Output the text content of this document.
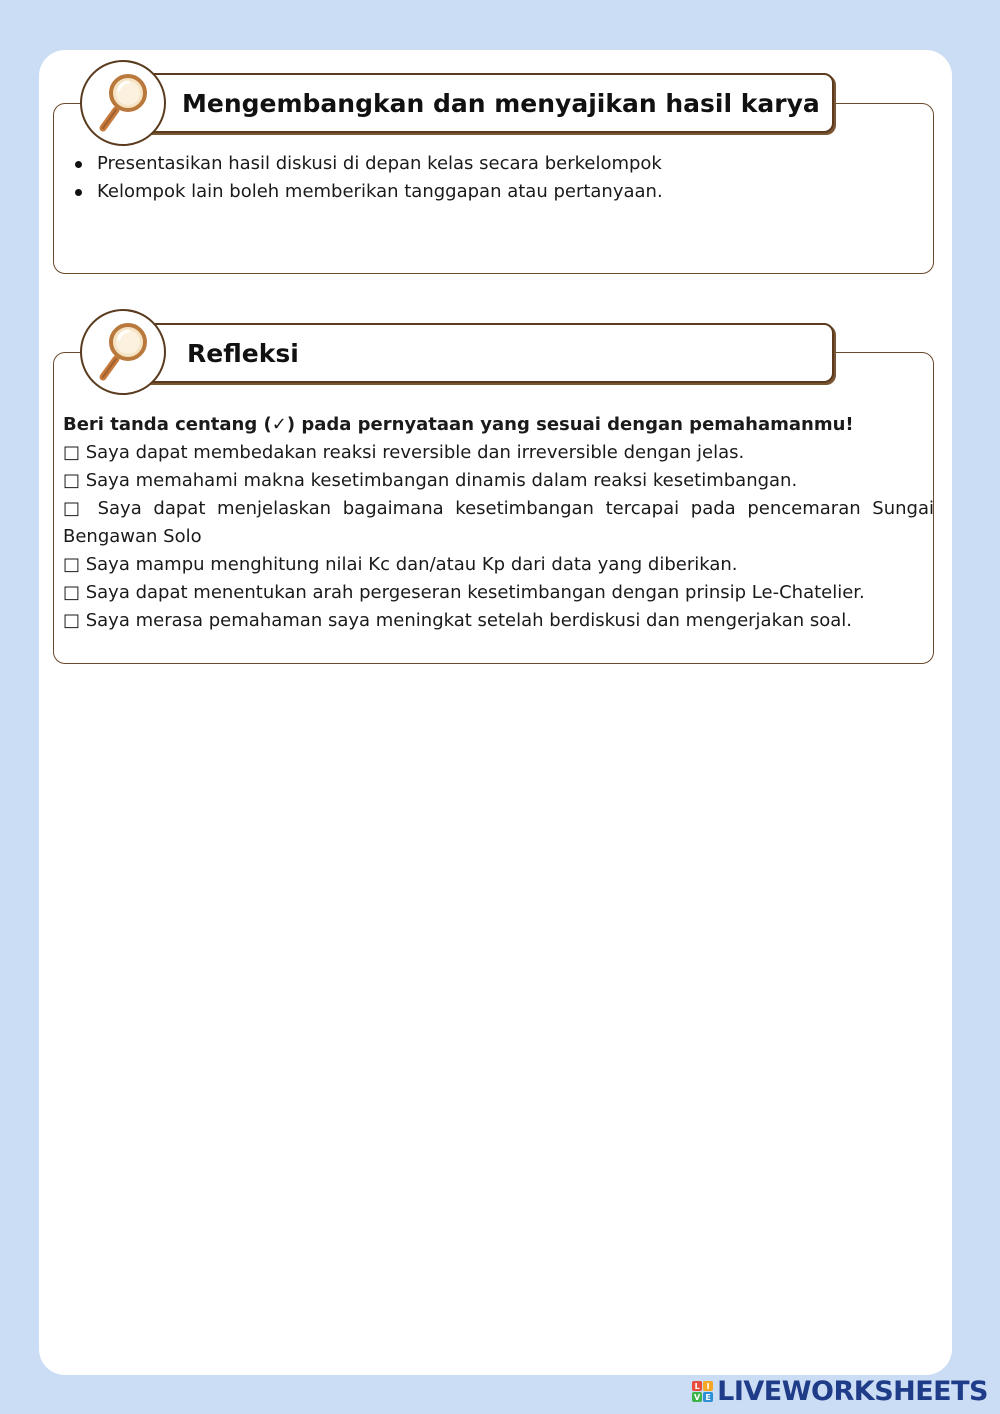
Mengembangkan dan menyajikan hasil karya
Presentasikan hasil diskusi di depan kelas secara berkelompok
Kelompok lain boleh memberikan tanggapan atau pertanyaan.
Refleksi
Beri tanda centang (✓) pada pernyataan yang sesuai dengan pemahamanmu!
□ Saya dapat membedakan reaksi reversible dan irreversible dengan jelas.
□ Saya memahami makna kesetimbangan dinamis dalam reaksi kesetimbangan.
□ Saya dapat menjelaskan bagaimana kesetimbangan tercapai pada pencemaran Sungai Bengawan Solo
□ Saya mampu menghitung nilai Kc dan/atau Kp dari data yang diberikan.
□ Saya dapat menentukan arah pergeseran kesetimbangan dengan prinsip Le-Chatelier.
□ Saya merasa pemahaman saya meningkat setelah berdiskusi dan mengerjakan soal.
L I
V E LIVEWORKSHEETS
